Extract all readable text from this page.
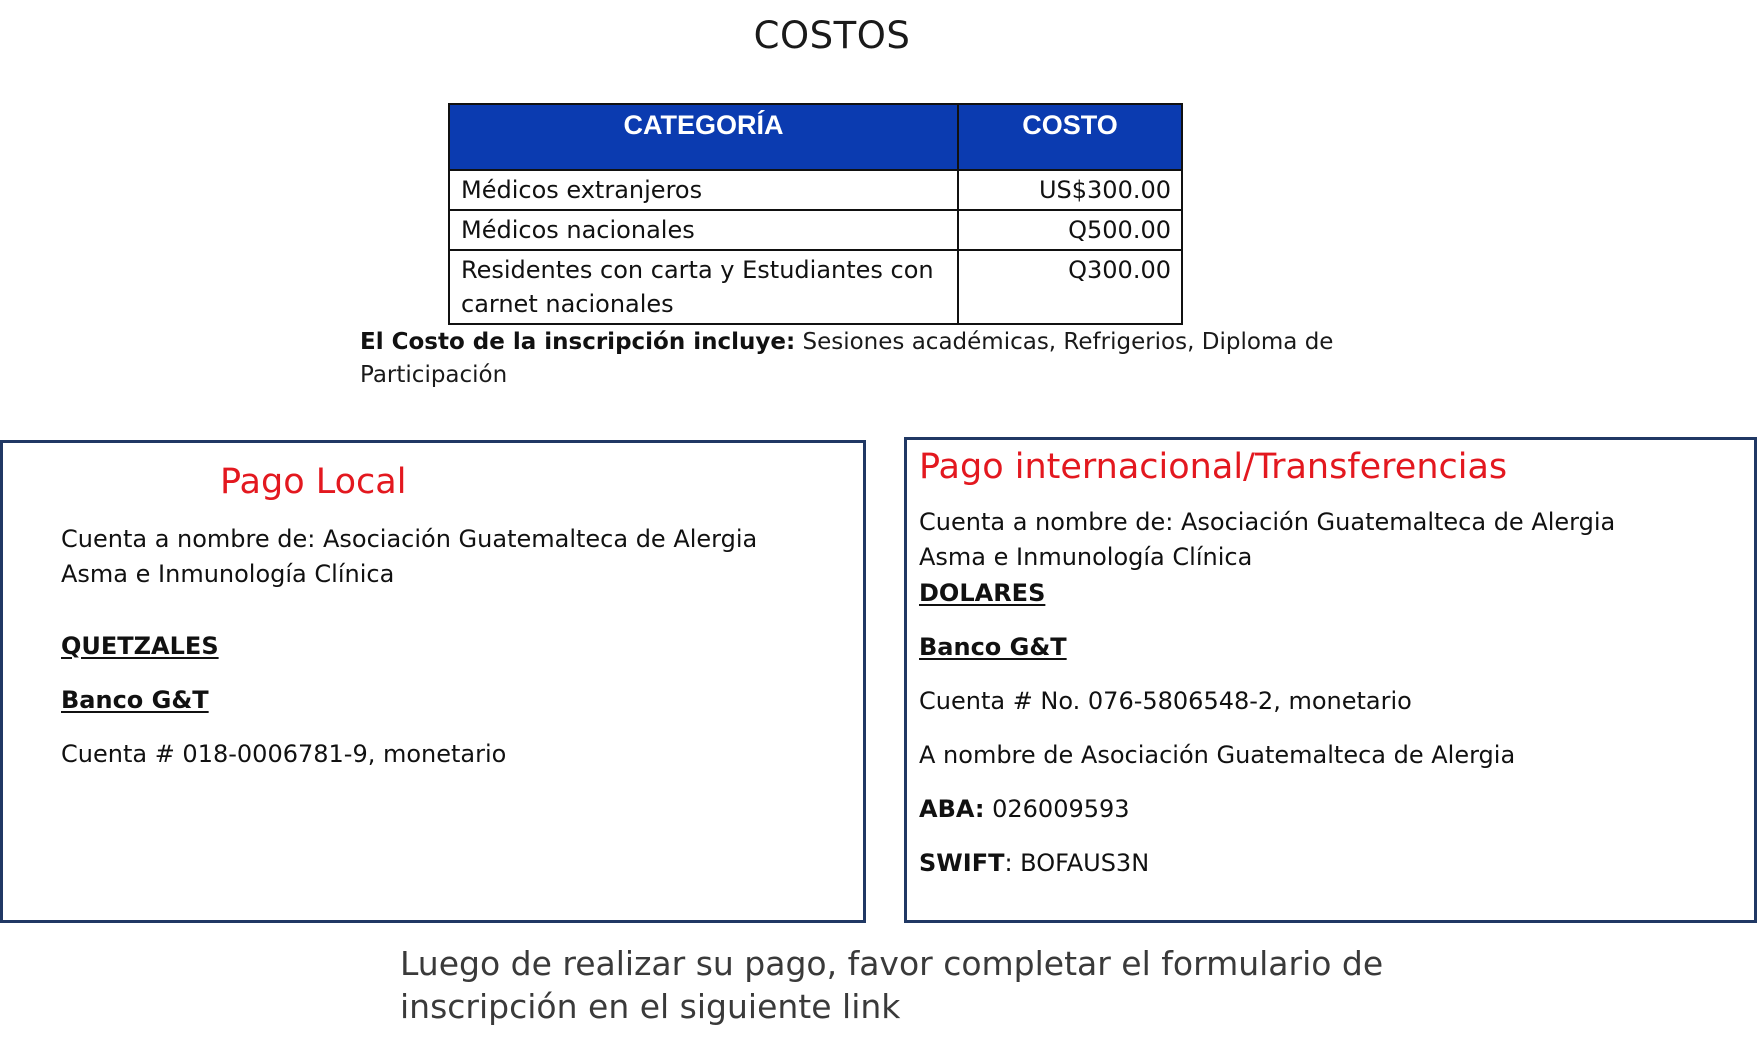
COSTOS
CATEGORÍA	COSTO
Médicos extranjeros	US$300.00
Médicos nacionales	Q500.00
Residentes con carta y Estudiantes con carnet nacionales	Q300.00
El Costo de la inscripción incluye: Sesiones académicas, Refrigerios, Diploma de Participación
Pago Local
Cuenta a nombre de: Asociación Guatemalteca de Alergia
Asma e Inmunología Clínica
QUETZALES
Banco G&T
Cuenta # 018-0006781-9, monetario
Pago internacional/Transferencias
Cuenta a nombre de: Asociación Guatemalteca de Alergia
Asma e Inmunología Clínica
DOLARES
Banco G&T
Cuenta # No. 076-5806548-2, monetario
A nombre de Asociación Guatemalteca de Alergia
ABA: 026009593
SWIFT: BOFAUS3N
Luego de realizar su pago, favor completar el formulario de inscripción en el siguiente link
